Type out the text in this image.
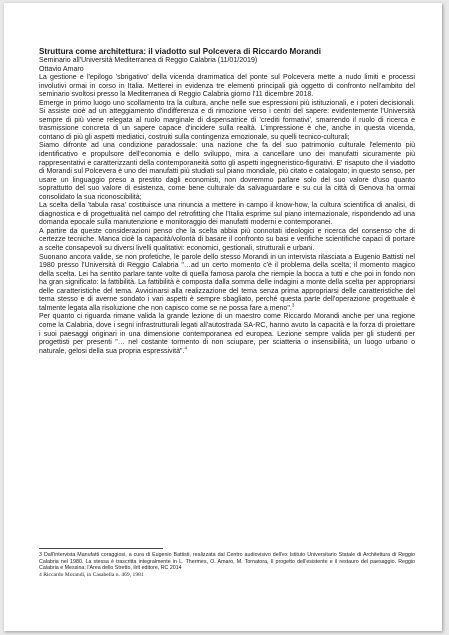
Struttura come architettura: il viadotto sul Polcevera di Riccardo Morandi

Seminario all'Università Mediterranea di Reggio Calabria (11/01/2019)

Ottavio Amaro

La gestione e l'epilogo 'sbrigativo' della vicenda drammatica del ponte sul Polcevera mette a nudo limiti e processi involutivi ormai in corso in Italia. Metterei in evidenza tre elementi principali già oggetto di confronto nell'ambito del seminario svoltosi presso la Mediterranea di Reggio Calabria giorno l'11 dicembre 2018.

Emerge in primo luogo uno scollamento tra la cultura, anche nelle sue espressioni più istituzionali, e i poteri decisionali. Si assiste cioè ad un atteggiamento d'indifferenza e di rimozione verso i centri del sapere: evidentemente l'Università sempre di più viene relegata al ruolo marginale di dispensatrice di 'crediti formativi', smarrendo il ruolo di ricerca e trasmissione concreta di un sapere capace d'incidere sulla realtà. L'impressione è che, anche in questa vicenda, contano di più gli aspetti mediatici, costruiti sulla contingenza emozionale, su quelli tecnico-culturali;

Siamo difronte ad una condizione paradossale: una nazione che fa del suo patrimonio culturale l'elemento più identificativo e propulsore dell'economia e dello sviluppo, mira a cancellare uno dei manufatti sicuramente più rappresentativi e caratterizzanti della contemporaneità sotto gli aspetti ingegneristico-figurativi. E' risaputo che il viadotto di Morandi sul Polcevera è uno dei manufatti più studiati sul piano mondiale, più citato e catalogato; in questo senso, per usare un linguaggio preso a prestito dagli economisti, non dovremmo parlare solo del suo valore d'uso quanto soprattutto del suo valore di esistenza, come bene culturale da salvaguardare e su cui la città di Genova ha ormai consolidato la sua riconoscibilità;

La scelta della 'tabula rasa' costituisce una rinuncia a mettere in campo il know-how, la cultura scientifica di analisi, di diagnostica e di progettualità nel campo del retrofitting che l'Italia esprime sul piano internazionale, rispondendo ad una domanda epocale sulla manutenzione e monitoraggio dei manufatti moderni e contemporanei.

A partire da queste considerazioni penso che la scelta abbia più connotati ideologici e ricerca del consenso che di certezze tecniche. Manca cioè la capacità/volontà di basare il confronto su basi e verifiche scientifiche capaci di portare a scelte consapevoli su diversi livelli qualitativi: economici, gestionali, strutturali e urbani.

Suonano ancora valide, se non profetiche, le parole dello stesso Morandi in un intervista rilasciata a Eugenio Battisti nel 1980 presso l'Università di Reggio Calabria "…ad un certo momento c'è il problema della scelta; il momento magico della scelta. Lei ha sentito parlare tante volte di quella famosa parola che riempie la bocca a tutti e che poi in fondo non ha gran significato: la fattibilità. La fattibilità è composta dalla somma delle indagini a monte della scelta per appropriarsi delle caratteristiche del tema. Avvicinarsi alla realizzazione del tema senza prima appropriarsi delle caratteristiche del tema stesso e di averne sondato i vari aspetti è sempre sbagliato, perché questa parte dell'operazione progettuale è talmente legata alla risoluzione che non capisco come se ne possa fare a meno".$^3$

Per quanto ci riguarda rimane valida la grande lezione di un maestro come Riccardo Morandi anche per una regione come la Calabria, dove i segni infrastrutturali legati all'autostrada SA-RC, hanno avuto la capacità e la forza di proiettare i suoi paesaggi originari in una dimensione contemporanea ed europea. Lezione sempre valida per gli studenti per progettisti per presenti "… nel costante tormento di non sciupare, per sciatteria o insensibilità, un luogo urbano o naturale, gelosi della sua propria espressività".$^4$

3 Dall'intervista Manufatti coraggiosi, a cura di Eugenio Battisti, realizzata dal Centro audiovisivo dell'ex Istituto Universitario Statale di Architettura di Reggio Calabria nel 1980. La stessa è trascritta integralmente in L. Thermes, O. Amaro, M. Tornatora, Il progetto dell'esistente e il restauro del paesaggio. Reggio Calabria e Messina: l'Area dello Stretto, ilrit editore, RC 2014

4 Riccardo Morandi, in Casabella n. 469, 1981
